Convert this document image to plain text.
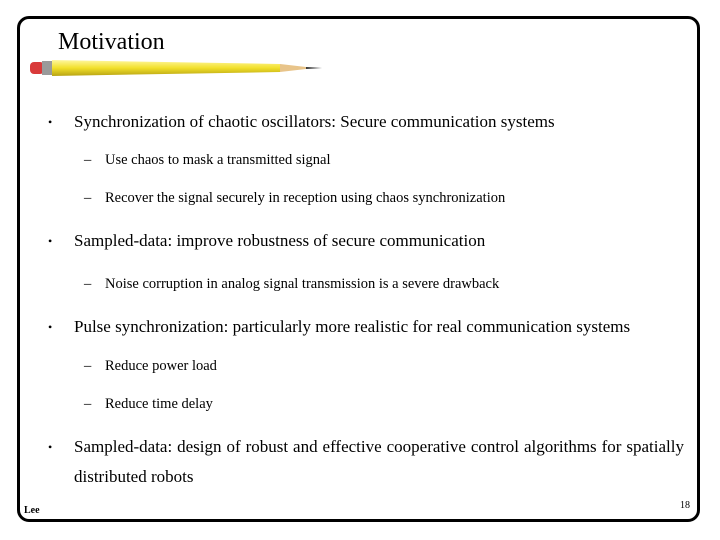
Motivation
•	Synchronization of chaotic oscillators: Secure communication systems
– Use chaos to mask a transmitted signal
– Recover the signal securely in reception using chaos synchronization
•	Sampled-data: improve robustness of secure communication
– Noise corruption in analog signal transmission is a severe drawback
•	Pulse synchronization: particularly more realistic for real communication systems
– Reduce power load
– Reduce time delay
•	Sampled-data: design of robust and effective cooperative control algorithms for spatially distributed robots
Lee	18
